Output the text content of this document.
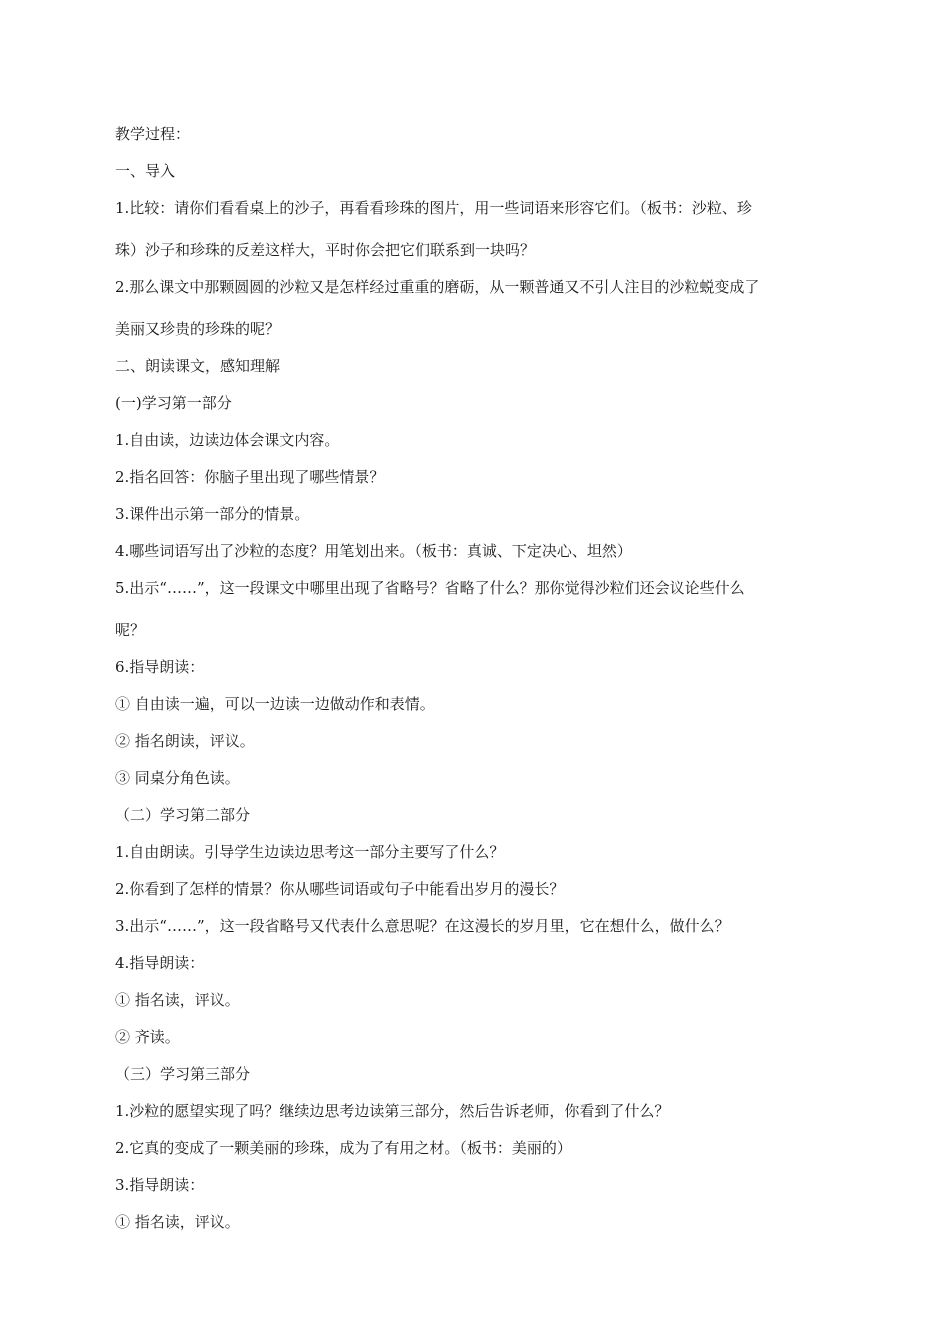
教学过程：

一、导入

1.比较：请你们看看桌上的沙子，再看看珍珠的图片，用一些词语来形容它们。（板书：沙粒、珍

珠）沙子和珍珠的反差这样大，平时你会把它们联系到一块吗？

2.那么课文中那颗圆圆的沙粒又是怎样经过重重的磨砺，从一颗普通又不引人注目的沙粒蜕变成了

美丽又珍贵的珍珠的呢？

二、朗读课文，感知理解

(一)学习第一部分

1.自由读，边读边体会课文内容。

2.指名回答：你脑子里出现了哪些情景？

3.课件出示第一部分的情景。

4.哪些词语写出了沙粒的态度？用笔划出来。（板书：真诚、下定决心、坦然）

5.出示“……”，这一段课文中哪里出现了省略号？省略了什么？那你觉得沙粒们还会议论些什么

呢？

6.指导朗读：

① 自由读一遍，可以一边读一边做动作和表情。

② 指名朗读，评议。

③ 同桌分角色读。

（二）学习第二部分

1.自由朗读。引导学生边读边思考这一部分主要写了什么？

2.你看到了怎样的情景？你从哪些词语或句子中能看出岁月的漫长？

3.出示“……”，这一段省略号又代表什么意思呢？在这漫长的岁月里，它在想什么，做什么？

4.指导朗读：

① 指名读，评议。

② 齐读。

（三）学习第三部分

1.沙粒的愿望实现了吗？继续边思考边读第三部分，然后告诉老师，你看到了什么？

2.它真的变成了一颗美丽的珍珠，成为了有用之材。（板书：美丽的）

3.指导朗读：

① 指名读，评议。
